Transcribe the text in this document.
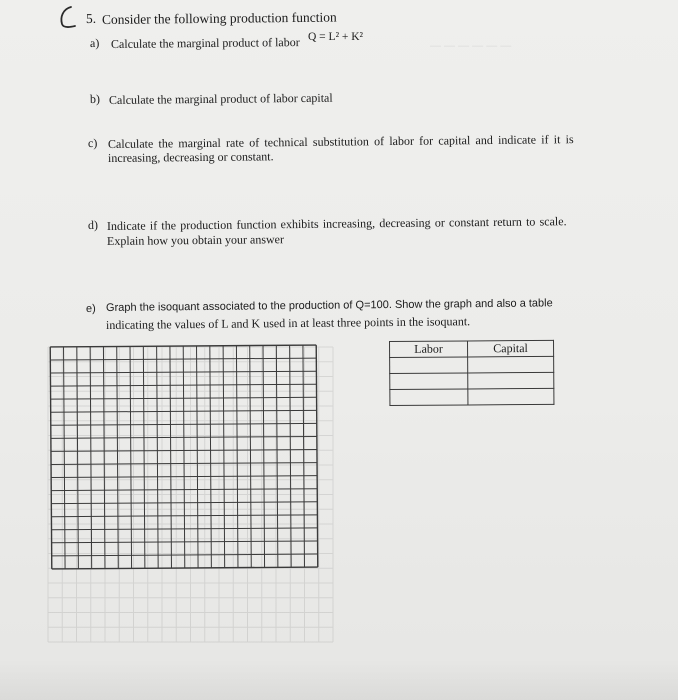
— — — — — —
5. Consider the following production function
Q = L² + K²
a) Calculate the marginal product of labor
b) Calculate the marginal product of labor capital
c) Calculate the marginal rate of technical substitution of labor for capital and indicate if it is
increasing, decreasing or constant.
d) Indicate if the production function exhibits increasing, decreasing or constant return to scale.
Explain how you obtain your answer
e) Graph the isoquant associated to the production of Q=100. Show the graph and also a table
indicating the values of L and K used in at least three points in the isoquant.
Labor	Capital
